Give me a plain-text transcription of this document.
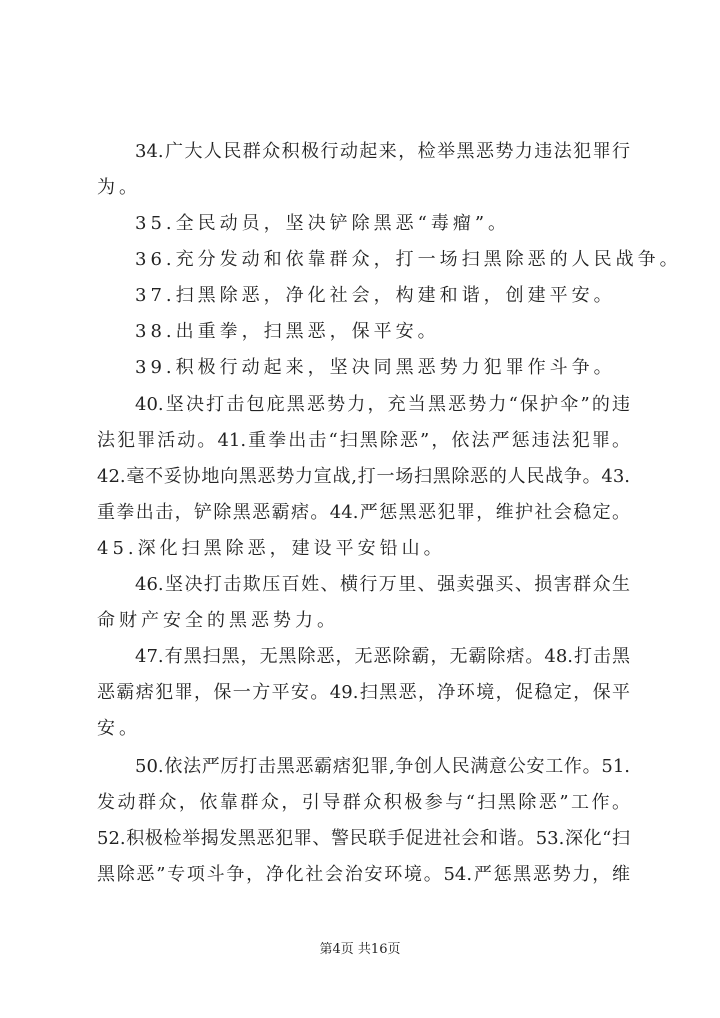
34.广大人民群众积极行动起来，检举黑恶势力违法犯罪行
为。
35.全民动员，坚决铲除黑恶“毒瘤”。
36.充分发动和依靠群众，打一场扫黑除恶的人民战争。
37.扫黑除恶，净化社会，构建和谐，创建平安。
38.出重拳，扫黑恶，保平安。
39.积极行动起来，坚决同黑恶势力犯罪作斗争。
40.坚决打击包庇黑恶势力，充当黑恶势力“保护伞”的违
法犯罪活动。41.重拳出击“扫黑除恶”，依法严惩违法犯罪。
42.毫不妥协地向黑恶势力宣战,打一场扫黑除恶的人民战争。43.
重拳出击，铲除黑恶霸痞。44.严惩黑恶犯罪，维护社会稳定。
45.深化扫黑除恶，建设平安铅山。
46.坚决打击欺压百姓、横行万里、强卖强买、损害群众生
命财产安全的黑恶势力。
47.有黑扫黑，无黑除恶，无恶除霸，无霸除痞。48.打击黑
恶霸痞犯罪，保一方平安。49.扫黑恶，净环境，促稳定，保平
安。
50.依法严厉打击黑恶霸痞犯罪,争创人民满意公安工作。51.
发动群众，依靠群众，引导群众积极参与“扫黑除恶”工作。
52.积极检举揭发黑恶犯罪、警民联手促进社会和谐。53.深化“扫
黑除恶”专项斗争，净化社会治安环境。54.严惩黑恶势力，维
第4页 共16页
